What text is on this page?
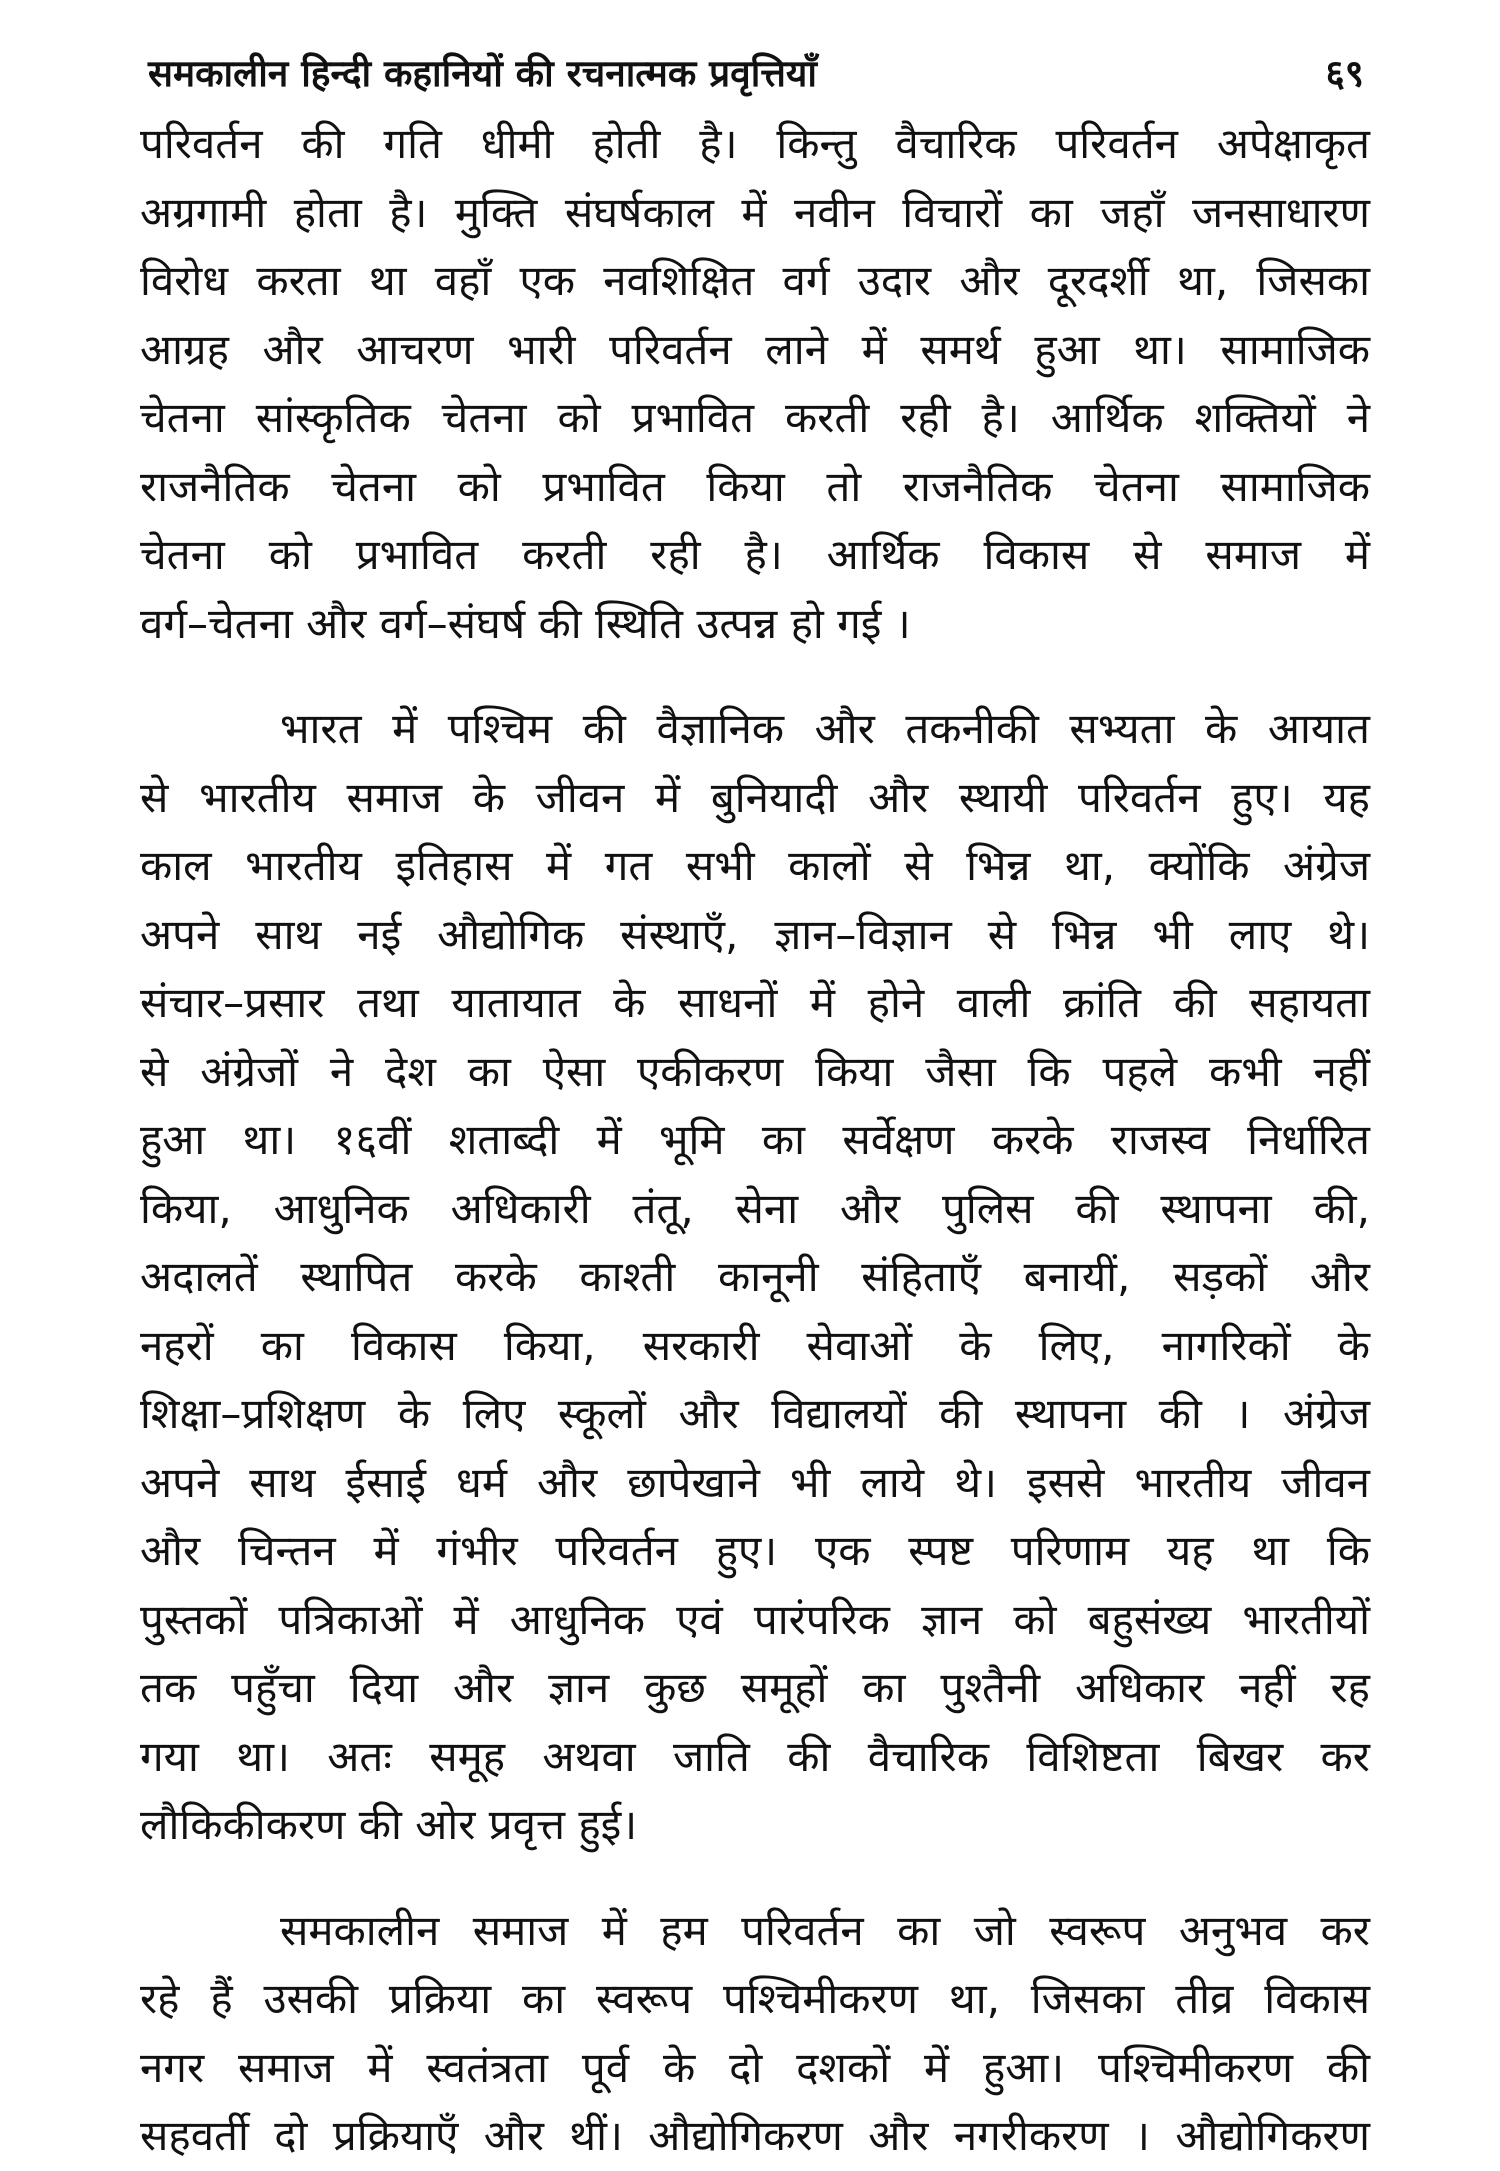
समकालीन हिन्दी कहानियों की रचनात्मक प्रवृत्तियाँ	६९

परिवर्तन की गति धीमी होती है। किन्तु वैचारिक परिवर्तन अपेक्षाकृत
अग्रगामी होता है। मुक्ति संघर्षकाल में नवीन विचारों का जहाँ जनसाधारण
विरोध करता था वहाँ एक नवशिक्षित वर्ग उदार और दूरदर्शी था, जिसका
आग्रह और आचरण भारी परिवर्तन लाने में समर्थ हुआ था। सामाजिक
चेतना सांस्कृतिक चेतना को प्रभावित करती रही है। आर्थिक शक्तियों ने
राजनैतिक चेतना को प्रभावित किया तो राजनैतिक चेतना सामाजिक
चेतना को प्रभावित करती रही है। आर्थिक विकास से समाज में
वर्ग–चेतना और वर्ग–संघर्ष की स्थिति उत्पन्न हो गई ।

भारत में पश्चिम की वैज्ञानिक और तकनीकी सभ्यता के आयात
से भारतीय समाज के जीवन में बुनियादी और स्थायी परिवर्तन हुए। यह
काल भारतीय इतिहास में गत सभी कालों से भिन्न था, क्योंकि अंग्रेज
अपने साथ नई औद्योगिक संस्थाएँ, ज्ञान–विज्ञान से भिन्न भी लाए थे।
संचार–प्रसार तथा यातायात के साधनों में होने वाली क्रांति की सहायता
से अंग्रेजों ने देश का ऐसा एकीकरण किया जैसा कि पहले कभी नहीं
हुआ था। १६वीं शताब्दी में भूमि का सर्वेक्षण करके राजस्व निर्धारित
किया, आधुनिक अधिकारी तंतू, सेना और पुलिस की स्थापना की,
अदालतें स्थापित करके काश्ती कानूनी संहिताएँ बनायीं, सड़कों और
नहरों का विकास किया, सरकारी सेवाओं के लिए, नागरिकों के
शिक्षा–प्रशिक्षण के लिए स्कूलों और विद्यालयों की स्थापना की । अंग्रेज
अपने साथ ईसाई धर्म और छापेखाने भी लाये थे। इससे भारतीय जीवन
और चिन्तन में गंभीर परिवर्तन हुए। एक स्पष्ट परिणाम यह था कि
पुस्तकों पत्रिकाओं में आधुनिक एवं पारंपरिक ज्ञान को बहुसंख्य भारतीयों
तक पहुँचा दिया और ज्ञान कुछ समूहों का पुश्तैनी अधिकार नहीं रह
गया था। अतः समूह अथवा जाति की वैचारिक विशिष्टता बिखर कर
लौकिकीकरण की ओर प्रवृत्त हुई।

समकालीन समाज में हम परिवर्तन का जो स्वरूप अनुभव कर
रहे हैं उसकी प्रक्रिया का स्वरूप पश्चिमीकरण था, जिसका तीव्र विकास
नगर समाज में स्वतंत्रता पूर्व के दो दशकों में हुआ। पश्चिमीकरण की
सहवर्ती दो प्रक्रियाएँ और थीं। औद्योगिकरण और नगरीकरण । औद्योगिकरण
